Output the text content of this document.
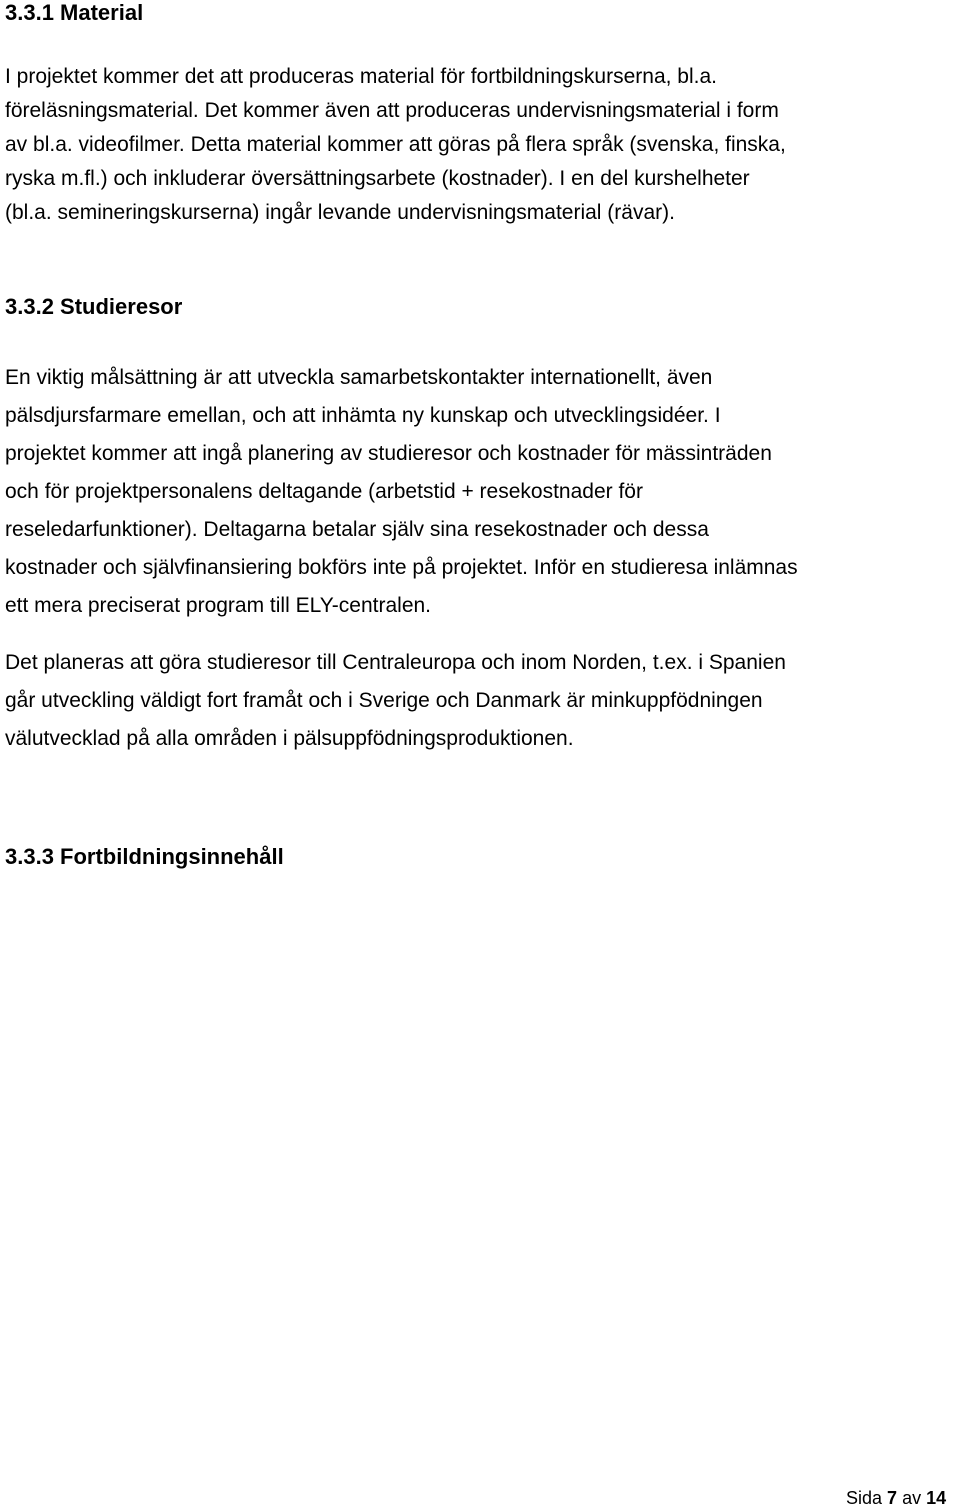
3.3.1 Material

I projektet kommer det att produceras material för fortbildningskurserna, bl.a.
föreläsningsmaterial. Det kommer även att produceras undervisningsmaterial i form
av bl.a. videofilmer. Detta material kommer att göras på flera språk (svenska, finska,
ryska m.fl.) och inkluderar översättningsarbete (kostnader). I en del kurshelheter
(bl.a. semineringskurserna) ingår levande undervisningsmaterial (rävar).

3.3.2 Studieresor

En viktig målsättning är att utveckla samarbetskontakter internationellt, även
pälsdjursfarmare emellan, och att inhämta ny kunskap och utvecklingsidéer. I
projektet kommer att ingå planering av studieresor och kostnader för mässinträden
och för projektpersonalens deltagande (arbetstid + resekostnader för
reseledarfunktioner). Deltagarna betalar själv sina resekostnader och dessa
kostnader och självfinansiering bokförs inte på projektet. Inför en studieresa inlämnas
ett mera preciserat program till ELY-centralen.

Det planeras att göra studieresor till Centraleuropa och inom Norden, t.ex. i Spanien
går utveckling väldigt fort framåt och i Sverige och Danmark är minkuppfödningen
välutvecklad på alla områden i pälsuppfödningsproduktionen.

3.3.3 Fortbildningsinnehåll
Sida 7 av 14
